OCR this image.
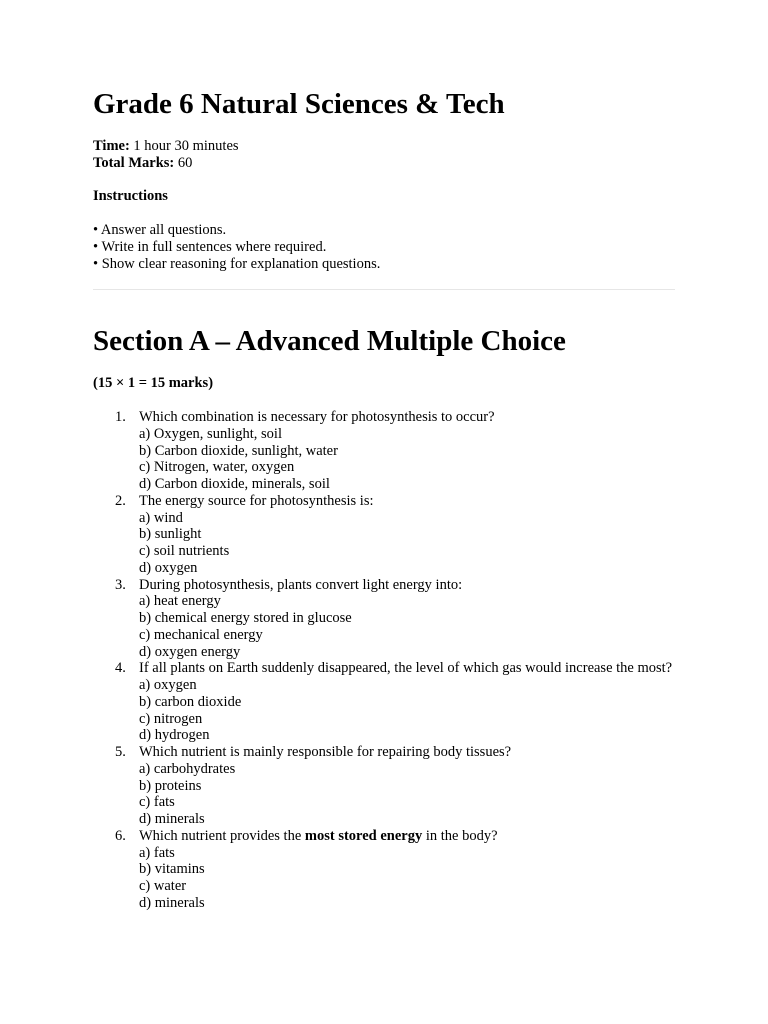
Grade 6 Natural Sciences & Tech
Time: 1 hour 30 minutes
Total Marks: 60
Instructions
• Answer all questions.
• Write in full sentences where required.
• Show clear reasoning for explanation questions.
Section A – Advanced Multiple Choice

(15 × 1 = 15 marks)

1. Which combination is necessary for photosynthesis to occur?
a) Oxygen, sunlight, soil
b) Carbon dioxide, sunlight, water
c) Nitrogen, water, oxygen
d) Carbon dioxide, minerals, soil
2. The energy source for photosynthesis is:
a) wind
b) sunlight
c) soil nutrients
d) oxygen
3. During photosynthesis, plants convert light energy into:
a) heat energy
b) chemical energy stored in glucose
c) mechanical energy
d) oxygen energy
4. If all plants on Earth suddenly disappeared, the level of which gas would increase the most?
a) oxygen
b) carbon dioxide
c) nitrogen
d) hydrogen
5. Which nutrient is mainly responsible for repairing body tissues?
a) carbohydrates
b) proteins
c) fats
d) minerals
6. Which nutrient provides the most stored energy in the body?
a) fats
b) vitamins
c) water
d) minerals
